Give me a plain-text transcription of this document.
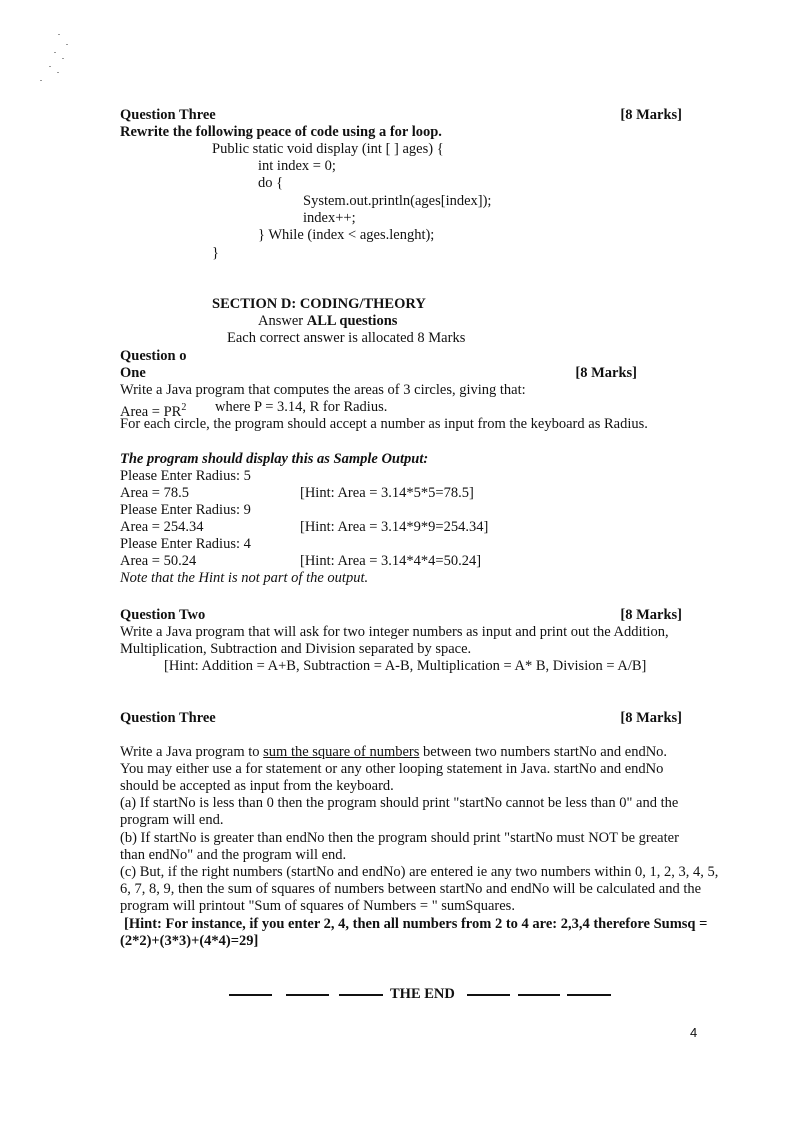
Question Three	[8 Marks]
Rewrite the following peace of code using a for loop.
Public static void display (int [ ] ages) {
int index = 0;
do {
System.out.println(ages[index]);
index++;
} While (index < ages.lenght);
}
SECTION D: CODING/THEORY
Answer ALL questions
Each correct answer is allocated 8 Marks
Question o
One	[8 Marks]
Write a Java program that computes the areas of 3 circles, giving that:
Area = $PR^2$ where P = 3.14, R for Radius.
For each circle, the program should accept a number as input from the keyboard as Radius.
The program should display this as Sample Output:
Please Enter Radius: 5
Area = 78.5	[Hint: Area = 3.14*5*5=78.5]
Please Enter Radius: 9
Area = 254.34	[Hint: Area = 3.14*9*9=254.34]
Please Enter Radius: 4
Area = 50.24	[Hint: Area = 3.14*4*4=50.24]
Note that the Hint is not part of the output.
Question Two	[8 Marks]
Write a Java program that will ask for two integer numbers as input and print out the Addition,
Multiplication, Subtraction and Division separated by space.
[Hint: Addition = A+B, Subtraction = A-B, Multiplication = A* B, Division = A/B]
Question Three	[8 Marks]
Write a Java program to sum the square of numbers between two numbers startNo and endNo.
You may either use a for statement or any other looping statement in Java. startNo and endNo
should be accepted as input from the keyboard.
(a) If startNo is less than 0 then the program should print "startNo cannot be less than 0" and the
program will end.
(b) If startNo is greater than endNo then the program should print "startNo must NOT be greater
than endNo" and the program will end.
(c) But, if the right numbers (startNo and endNo) are entered ie any two numbers within 0, 1, 2, 3, 4, 5,
6, 7, 8, 9, then the sum of squares of numbers between startNo and endNo will be calculated and the
program will printout "Sum of squares of Numbers = " sumSquares.
[Hint: For instance, if you enter 2, 4, then all numbers from 2 to 4 are: 2,3,4 therefore Sumsq =
(2*2)+(3*3)+(4*4)=29]
THE END
4
